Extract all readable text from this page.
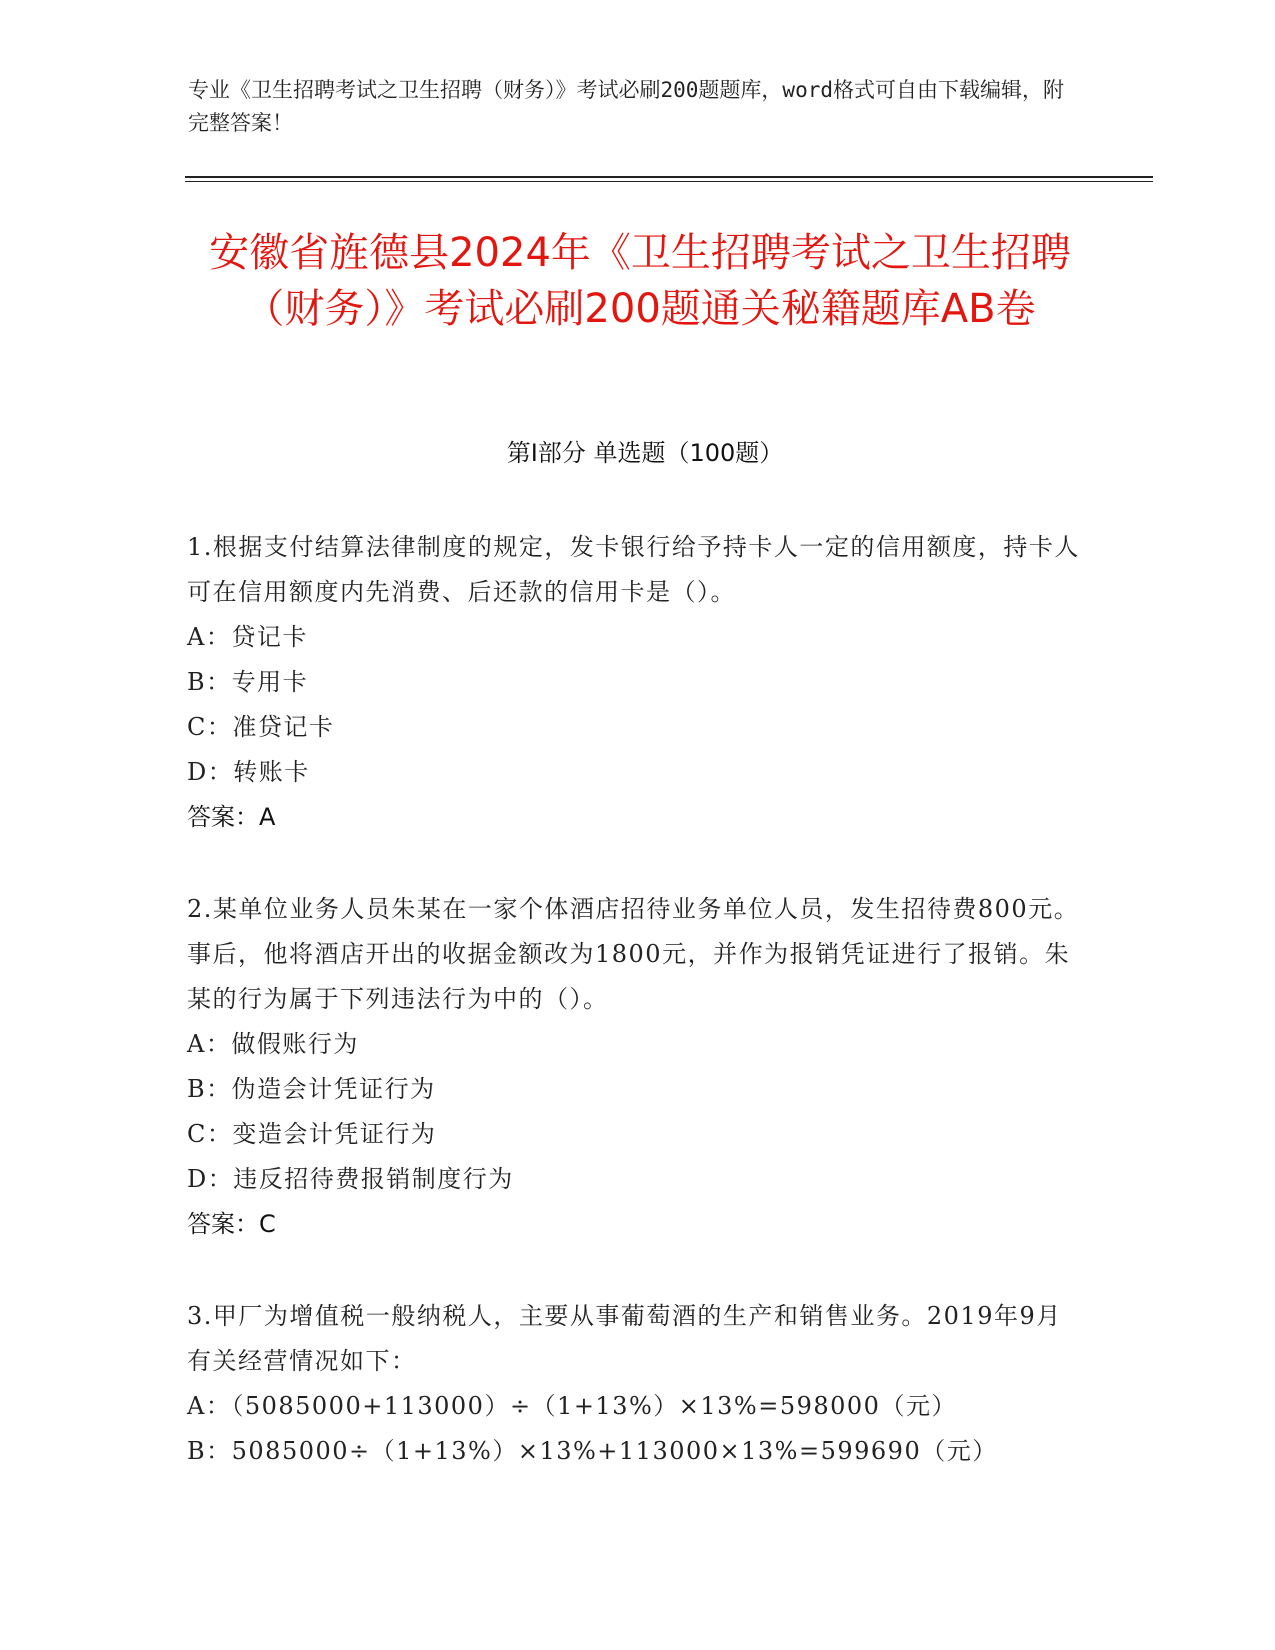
专业《卫生招聘考试之卫生招聘（财务）》考试必刷200题题库，word格式可自由下载编辑，附完整答案！
安徽省旌德县2024年《卫生招聘考试之卫生招聘（财务）》考试必刷200题通关秘籍题库AB卷
第Ⅰ部分 单选题（100题）
1.根据支付结算法律制度的规定，发卡银行给予持卡人一定的信用额度，持卡人可在信用额度内先消费、后还款的信用卡是（）。
A：贷记卡
B：专用卡
C：准贷记卡
D：转账卡
答案：A
2.某单位业务人员朱某在一家个体酒店招待业务单位人员，发生招待费800元。事后，他将酒店开出的收据金额改为1800元，并作为报销凭证进行了报销。朱某的行为属于下列违法行为中的（）。
A：做假账行为
B：伪造会计凭证行为
C：变造会计凭证行为
D：违反招待费报销制度行为
答案：C
3.甲厂为增值税一般纳税人，主要从事葡萄酒的生产和销售业务。2019年9月有关经营情况如下：
A：（5085000+113000）÷（1+13%）×13%=598000（元）
B：5085000÷（1+13%）×13%+113000×13%=599690（元）
